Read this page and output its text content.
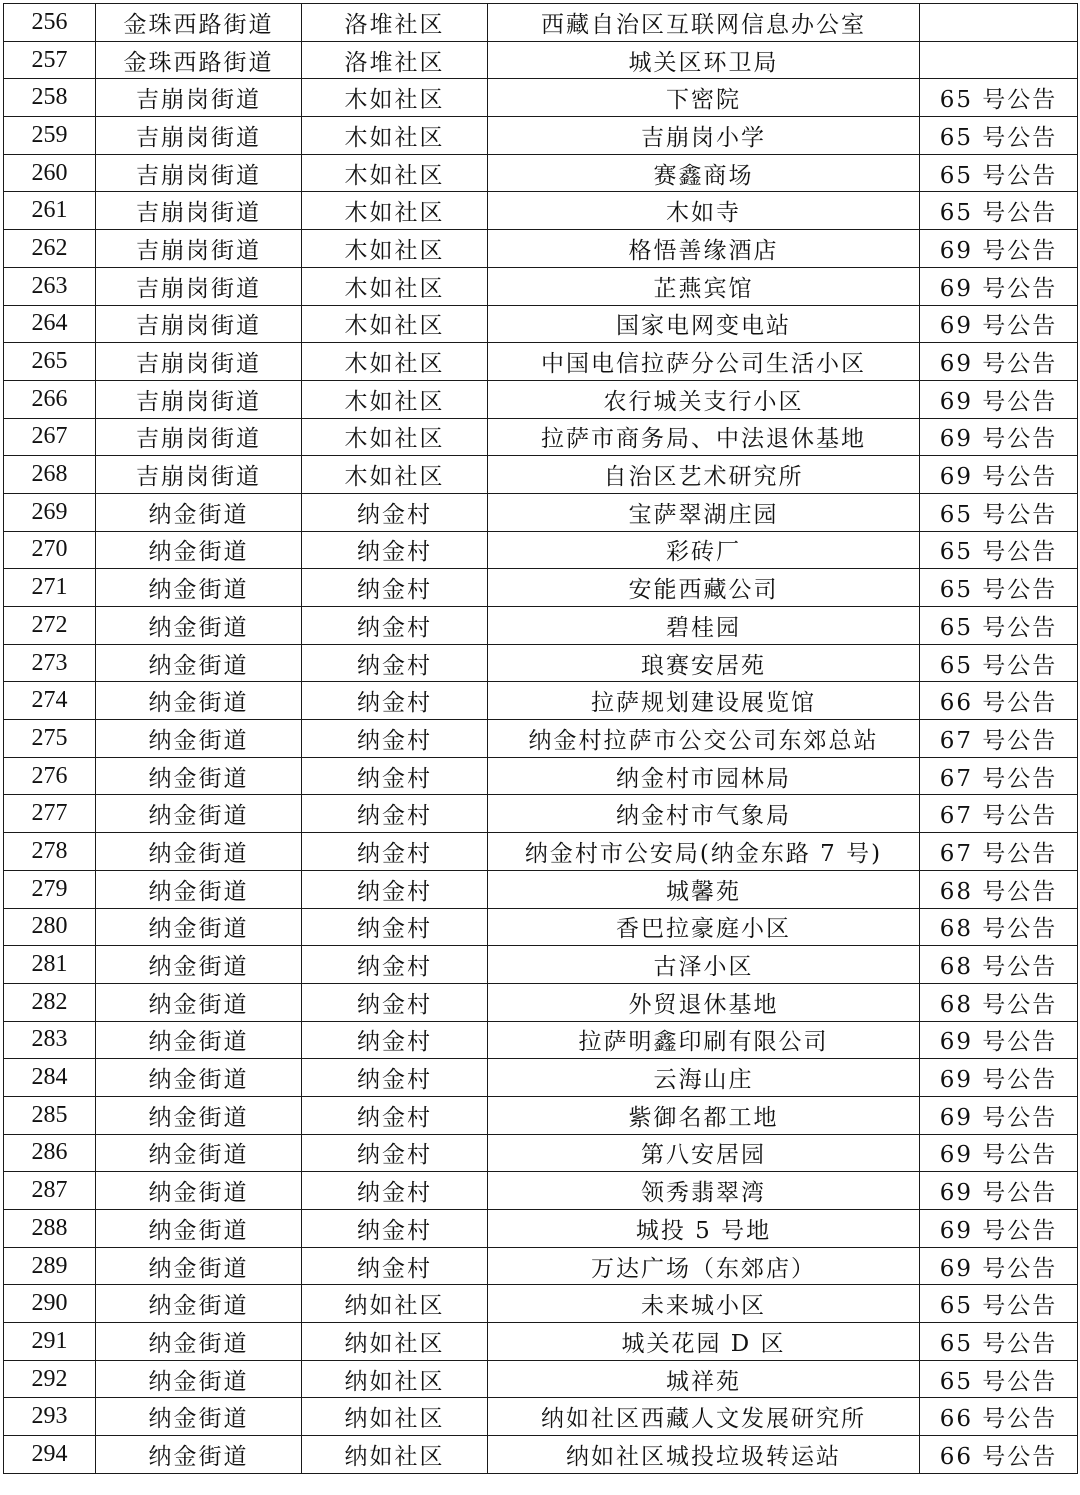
256	金珠西路街道	洛堆社区	西藏自治区互联网信息办公室	
257	金珠西路街道	洛堆社区	城关区环卫局	
258	吉崩岗街道	木如社区	下密院	65 号公告
259	吉崩岗街道	木如社区	吉崩岗小学	65 号公告
260	吉崩岗街道	木如社区	赛鑫商场	65 号公告
261	吉崩岗街道	木如社区	木如寺	65 号公告
262	吉崩岗街道	木如社区	格悟善缘酒店	69 号公告
263	吉崩岗街道	木如社区	芷燕宾馆	69 号公告
264	吉崩岗街道	木如社区	国家电网变电站	69 号公告
265	吉崩岗街道	木如社区	中国电信拉萨分公司生活小区	69 号公告
266	吉崩岗街道	木如社区	农行城关支行小区	69 号公告
267	吉崩岗街道	木如社区	拉萨市商务局、中法退休基地	69 号公告
268	吉崩岗街道	木如社区	自治区艺术研究所	69 号公告
269	纳金街道	纳金村	宝萨翠湖庄园	65 号公告
270	纳金街道	纳金村	彩砖厂	65 号公告
271	纳金街道	纳金村	安能西藏公司	65 号公告
272	纳金街道	纳金村	碧桂园	65 号公告
273	纳金街道	纳金村	琅赛安居苑	65 号公告
274	纳金街道	纳金村	拉萨规划建设展览馆	66 号公告
275	纳金街道	纳金村	纳金村拉萨市公交公司东郊总站	67 号公告
276	纳金街道	纳金村	纳金村市园林局	67 号公告
277	纳金街道	纳金村	纳金村市气象局	67 号公告
278	纳金街道	纳金村	纳金村市公安局(纳金东路 7 号)	67 号公告
279	纳金街道	纳金村	城馨苑	68 号公告
280	纳金街道	纳金村	香巴拉豪庭小区	68 号公告
281	纳金街道	纳金村	古泽小区	68 号公告
282	纳金街道	纳金村	外贸退休基地	68 号公告
283	纳金街道	纳金村	拉萨明鑫印刷有限公司	69 号公告
284	纳金街道	纳金村	云海山庄	69 号公告
285	纳金街道	纳金村	紫御名都工地	69 号公告
286	纳金街道	纳金村	第八安居园	69 号公告
287	纳金街道	纳金村	领秀翡翠湾	69 号公告
288	纳金街道	纳金村	城投 5 号地	69 号公告
289	纳金街道	纳金村	万达广场（东郊店）	69 号公告
290	纳金街道	纳如社区	未来城小区	65 号公告
291	纳金街道	纳如社区	城关花园 D 区	65 号公告
292	纳金街道	纳如社区	城祥苑	65 号公告
293	纳金街道	纳如社区	纳如社区西藏人文发展研究所	66 号公告
294	纳金街道	纳如社区	纳如社区城投垃圾转运站	66 号公告
